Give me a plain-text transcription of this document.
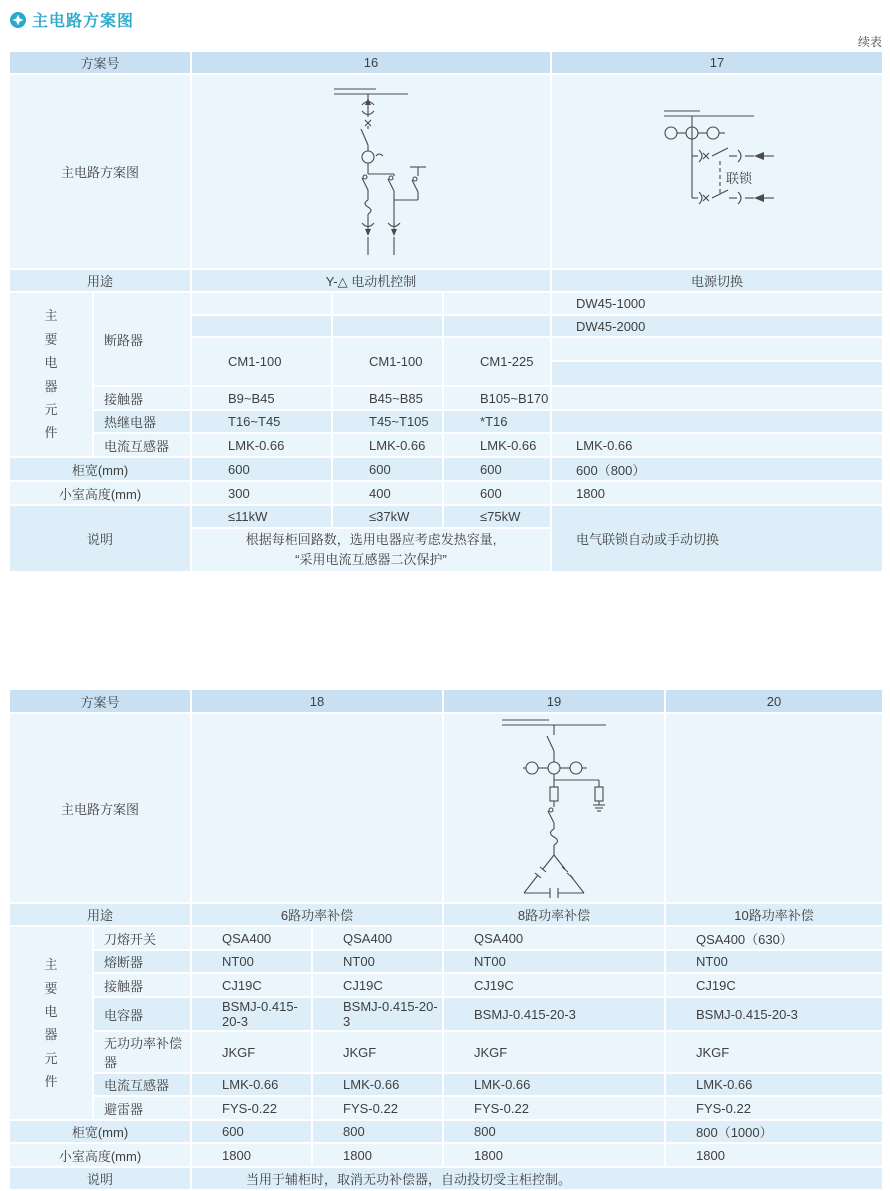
主电路方案图
续表
方案号		16			17
主电路方案图					联锁

用途		Y-△ 电动机控制			电源切换

主要电器元件	断路器				DW45-1000
					DW45-2000
		CM1-100	CM1-100	CM1-225	

	接触器	B9~B45	B45~B85	B105~B170	
	热继电器	T16~T45	T45~T105	*T16	
	电流互感器	LMK-0.66	LMK-0.66	LMK-0.66	LMK-0.66
柜宽(mm)		600	600	600	600（800）
小室高度(mm)		300	400	600	1800
说明		≤11kW	≤37kW	≤75kW	电气联锁自动或手动切换

		根据每柜回路数，选用电器应考虑发热容量,
“采用电流互感器二次保护”			
方案号		18		19	20
主电路方案图		

用途		6路功率补偿		8路功率补偿	10路功率补偿

主要电器元件	刀熔开关	QSA400	QSA400	QSA400	QSA400（630）
	熔断器	NT00	NT00	NT00	NT00
	接触器	CJ19C	CJ19C	CJ19C	CJ19C
	电容器	BSMJ-0.415-20-3	BSMJ-0.415-20-3	BSMJ-0.415-20-3	BSMJ-0.415-20-3
	无功功率补偿器	JKGF	JKGF	JKGF	JKGF
	电流互感器	LMK-0.66	LMK-0.66	LMK-0.66	LMK-0.66
	避雷器	FYS-0.22	FYS-0.22	FYS-0.22	FYS-0.22
柜宽(mm)		600	800	800	800（1000）
小室高度(mm)		1800	1800	1800	1800
说明		当用于辅柜时，取消无功补偿器，自动投切受主柜控制。			
